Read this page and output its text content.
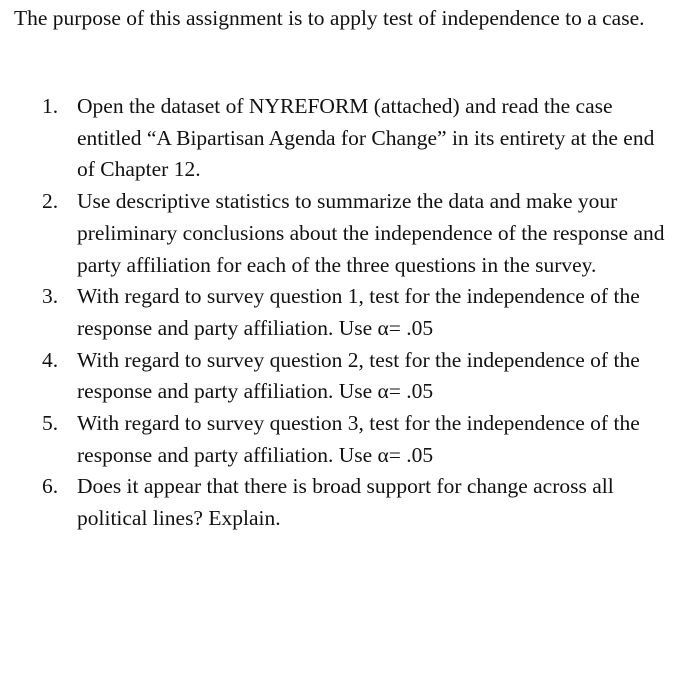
The purpose of this assignment is to apply test of independence to a case.

1. Open the dataset of NYREFORM (attached) and read the case entitled “A Bipartisan Agenda for Change” in its entirety at the end of Chapter 12.
2. Use descriptive statistics to summarize the data and make your preliminary conclusions about the independence of the response and party affiliation for each of the three questions in the survey.
3. With regard to survey question 1, test for the independence of the response and party affiliation. Use α= .05
4. With regard to survey question 2, test for the independence of the response and party affiliation. Use α= .05
5. With regard to survey question 3, test for the independence of the response and party affiliation. Use α= .05
6. Does it appear that there is broad support for change across all political lines? Explain.
